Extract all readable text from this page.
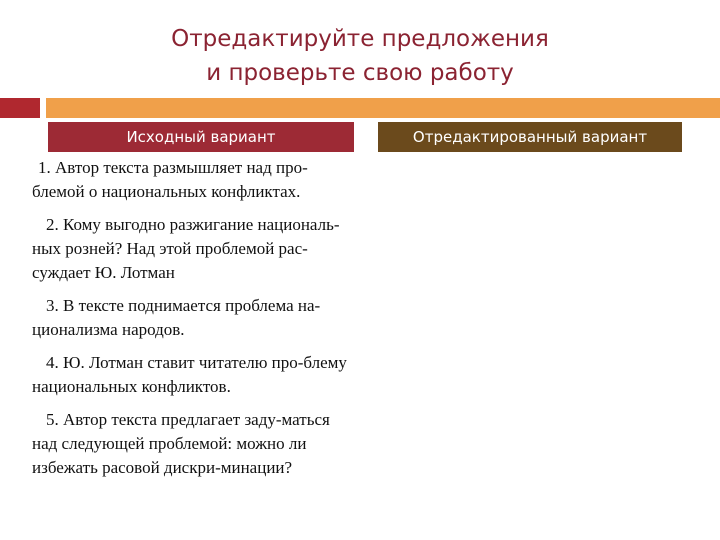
Отредактируйте предложения
и проверьте свою работу
Исходный вариант	Отредактированный вариант
1. Автор текста размышляет над про-блемой о национальных конфликтах.
2. Кому выгодно разжигание националь-ных розней? Над этой проблемой рас-суждает Ю. Лотман
3. В тексте поднимается проблема на-ционализма народов.
4. Ю. Лотман ставит читателю про-блему национальных конфликтов.
5. Автор текста предлагает заду-маться над следующей проблемой: можно ли избежать расовой дискри-минации?
